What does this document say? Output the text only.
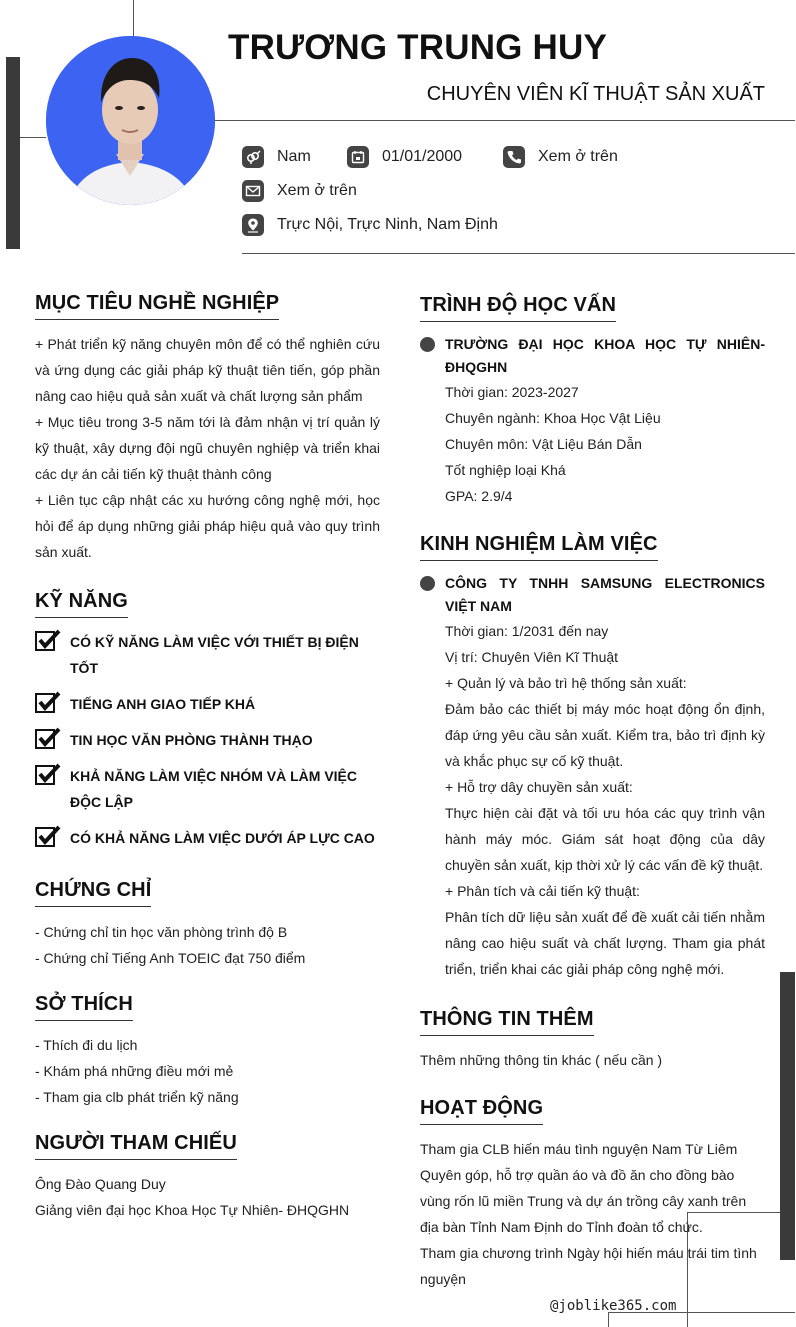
TRƯƠNG TRUNG HUY
CHUYÊN VIÊN KĨ THUẬT SẢN XUẤT
Nam	01/01/2000	Xem ở trên
Xem ở trên
Trực Nội, Trực Ninh, Nam Định
MỤC TIÊU NGHỀ NGHIỆP
+ Phát triển kỹ năng chuyên môn để có thể nghiên cứu và ứng dụng các giải pháp kỹ thuật tiên tiến, góp phần nâng cao hiệu quả sản xuất và chất lượng sản phẩm
+ Mục tiêu trong 3-5 năm tới là đảm nhận vị trí quản lý kỹ thuật, xây dựng đội ngũ chuyên nghiệp và triển khai các dự án cải tiến kỹ thuật thành công
+ Liên tục cập nhật các xu hướng công nghệ mới, học hỏi để áp dụng những giải pháp hiệu quả vào quy trình sản xuất.
KỸ NĂNG
CÓ KỸ NĂNG LÀM VIỆC VỚI THIẾT BỊ ĐIỆN TỐT
TIẾNG ANH GIAO TIẾP KHÁ
TIN HỌC VĂN PHÒNG THÀNH THẠO
KHẢ NĂNG LÀM VIỆC NHÓM VÀ LÀM VIỆC ĐỘC LẬP
CÓ KHẢ NĂNG LÀM VIỆC DƯỚI ÁP LỰC CAO
CHỨNG CHỈ
- Chứng chỉ tin học văn phòng trình độ B
- Chứng chỉ Tiếng Anh TOEIC đạt 750 điểm
SỞ THÍCH
- Thích đi du lịch
- Khám phá những điều mới mẻ
- Tham gia clb phát triển kỹ năng
NGƯỜI THAM CHIẾU
Ông Đào Quang Duy
Giảng viên đại học Khoa Học Tự Nhiên- ĐHQGHN
TRÌNH ĐỘ HỌC VẤN
TRƯỜNG ĐẠI HỌC KHOA HỌC TỰ NHIÊN-ĐHQGHN
Thời gian: 2023-2027
Chuyên ngành: Khoa Học Vật Liệu
Chuyên môn: Vật Liệu Bán Dẫn
Tốt nghiệp loại Khá
GPA: 2.9/4
KINH NGHIỆM LÀM VIỆC
CÔNG TY TNHH SAMSUNG ELECTRONICS VIỆT NAM
Thời gian: 1/2031 đến nay
Vị trí: Chuyên Viên Kĩ Thuật
+ Quản lý và bảo trì hệ thống sản xuất:
Đảm bảo các thiết bị máy móc hoạt động ổn định, đáp ứng yêu cầu sản xuất. Kiểm tra, bảo trì định kỳ và khắc phục sự cố kỹ thuật.
+ Hỗ trợ dây chuyền sản xuất:
Thực hiện cài đặt và tối ưu hóa các quy trình vận hành máy móc. Giám sát hoạt động của dây chuyền sản xuất, kịp thời xử lý các vấn đề kỹ thuật.
+ Phân tích và cải tiến kỹ thuật:
Phân tích dữ liệu sản xuất để đề xuất cải tiến nhằm nâng cao hiệu suất và chất lượng. Tham gia phát triển, triển khai các giải pháp công nghệ mới.
THÔNG TIN THÊM
Thêm những thông tin khác ( nếu cần )
HOẠT ĐỘNG
Tham gia CLB hiến máu tình nguyện Nam Từ Liêm
Quyên góp, hỗ trợ quần áo và đồ ăn cho đồng bào vùng rốn lũ miền Trung và dự án trồng cây xanh trên địa bàn Tỉnh Nam Định do Tỉnh đoàn tổ chức.
Tham gia chương trình Ngày hội hiến máu trái tim tình nguyện
@joblike365.com
